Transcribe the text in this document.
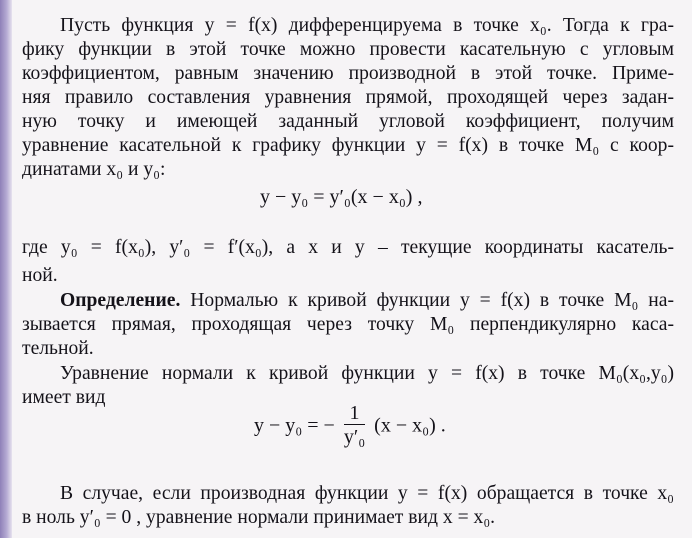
Пусть функция y = f(x) дифференцируема в точке x₀. Тогда к гра-
фику функции в этой точке можно провести касательную с угловым
коэффициентом, равным значению производной в этой точке. Приме-
няя правило составления уравнения прямой, проходящей через задан-
ную точку и имеющей заданный угловой коэффициент, получим
уравнение касательной к графику функции y = f(x) в точке M₀ с коор-
динатами x₀ и y₀:
y − y₀ = y′₀(x − x₀) ,
где y₀ = f(x₀), y′₀ = f′(x₀), а x и y – текущие координаты касатель-
ной.
Определение. Нормалью к кривой функции y = f(x) в точке M₀ на-
зывается прямая, проходящая через точку M₀ перпендикулярно каса-
тельной.
Уравнение нормали к кривой функции y = f(x) в точке M₀(x₀,y₀)
имеет вид
y − y₀ = − $\frac{1}{\text{y′₀}} (x - x_0)$ .
В случае, если производная функции y = f(x) обращается в точке x₀
в ноль y′₀ = 0 , уравнение нормали принимает вид x = x₀.
